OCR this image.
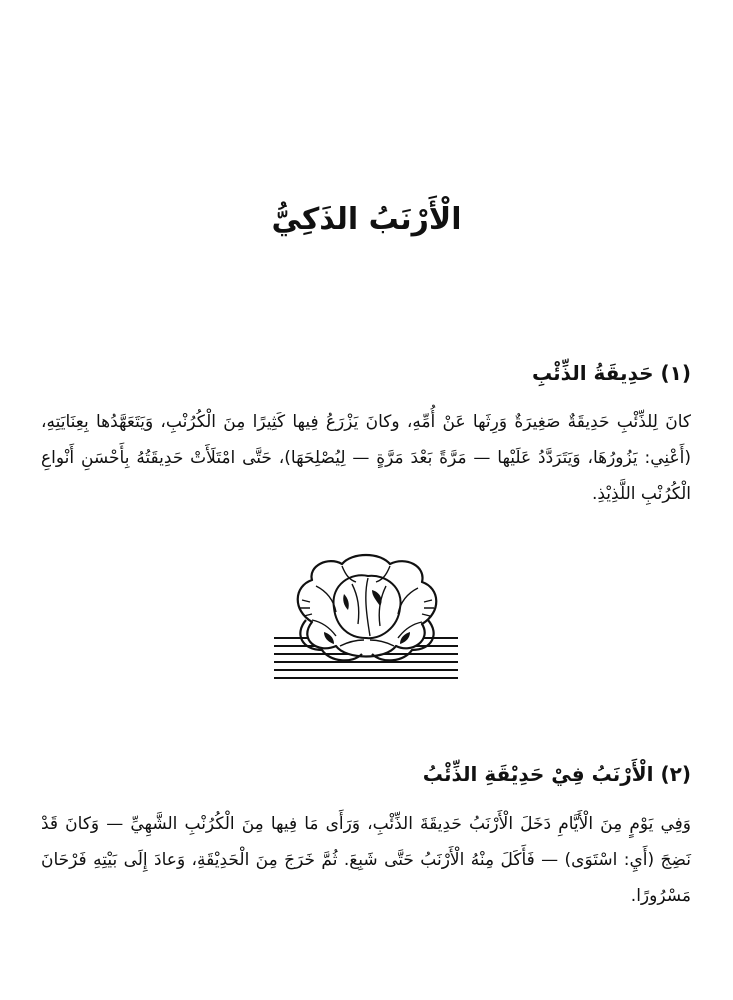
الْأَرْنَبُ الذَكِيُّ
(١) حَدِيقَةُ الذِّئْبِ

كانَ لِلذِّئْبِ حَدِيقَةٌ صَغِيرَةٌ وَرِثَها عَنْ أُمِّهِ، وكانَ يَزْرَعُ فِيها كَثِيرًا مِنَ الْكُرُنْبِ، وَيَتَعَهَّدُها بِعِنَايَتِهِ، (أَعْنِي: يَزُورُهَا، وَيَتَرَدَّدُ عَلَيْها — مَرَّةً بَعْدَ مَرَّةٍ — لِيُصْلِحَهَا)، حَتَّى امْتَلَأَتْ حَدِيقَتُهُ بِأَحْسَنِ أَنْواعِ الْكُرُنْبِ اللَّذِيْذِ.

(٢) الْأَرْنَبُ فِيْ حَدِيْقَةِ الذِّئْبُ

وَفِي يَوْمٍ مِنَ الْأَيَّامِ دَخَلَ الْأَرْنَبُ حَدِيقَةَ الذِّئْبِ، وَرَأَى مَا فِيها مِنَ الْكُرُنْبِ الشَّهِيِّ — وَكانَ قَدْ نَضِجَ (أَيِ: اسْتَوَى) — فَأَكَلَ مِنْهُ الْأَرْنَبُ حَتَّى شَبِعَ. ثُمَّ خَرَجَ مِنَ الْحَدِيْقَةِ، وَعادَ إِلَى بَيْتِهِ فَرْحَانَ مَسْرُورًا.
